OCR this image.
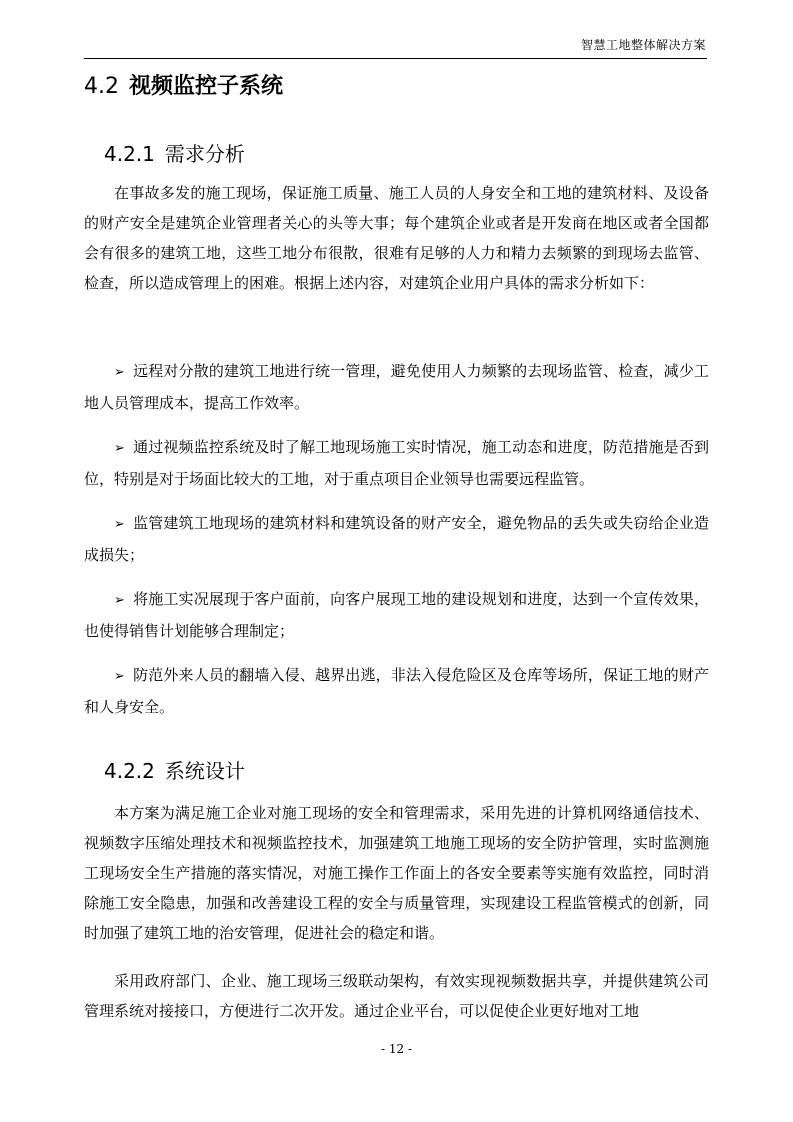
智慧工地整体解决方案
4.2 视频监控子系统
4.2.1 需求分析
在事故多发的施工现场，保证施工质量、施工人员的人身安全和工地的建筑材料、及设备的财产安全是建筑企业管理者关心的头等大事；每个建筑企业或者是开发商在地区或者全国都会有很多的建筑工地，这些工地分布很散，很难有足够的人力和精力去频繁的到现场去监管、检查，所以造成管理上的困难。根据上述内容，对建筑企业用户具体的需求分析如下：
➢ 远程对分散的建筑工地进行统一管理，避免使用人力频繁的去现场监管、检查，减少工地人员管理成本，提高工作效率。
➢ 通过视频监控系统及时了解工地现场施工实时情况，施工动态和进度，防范措施是否到位，特别是对于场面比较大的工地，对于重点项目企业领导也需要远程监管。
➢ 监管建筑工地现场的建筑材料和建筑设备的财产安全，避免物品的丢失或失窃给企业造成损失；
➢ 将施工实况展现于客户面前，向客户展现工地的建设规划和进度，达到一个宣传效果，也使得销售计划能够合理制定；
➢ 防范外来人员的翻墙入侵、越界出逃，非法入侵危险区及仓库等场所，保证工地的财产和人身安全。
4.2.2 系统设计
本方案为满足施工企业对施工现场的安全和管理需求，采用先进的计算机网络通信技术、视频数字压缩处理技术和视频监控技术，加强建筑工地施工现场的安全防护管理，实时监测施工现场安全生产措施的落实情况，对施工操作工作面上的各安全要素等实施有效监控，同时消除施工安全隐患，加强和改善建设工程的安全与质量管理，实现建设工程监管模式的创新，同时加强了建筑工地的治安管理，促进社会的稳定和谐。
采用政府部门、企业、施工现场三级联动架构，有效实现视频数据共享，并提供建筑公司管理系统对接接口，方便进行二次开发。通过企业平台，可以促使企业更好地对工地
- 12 -
